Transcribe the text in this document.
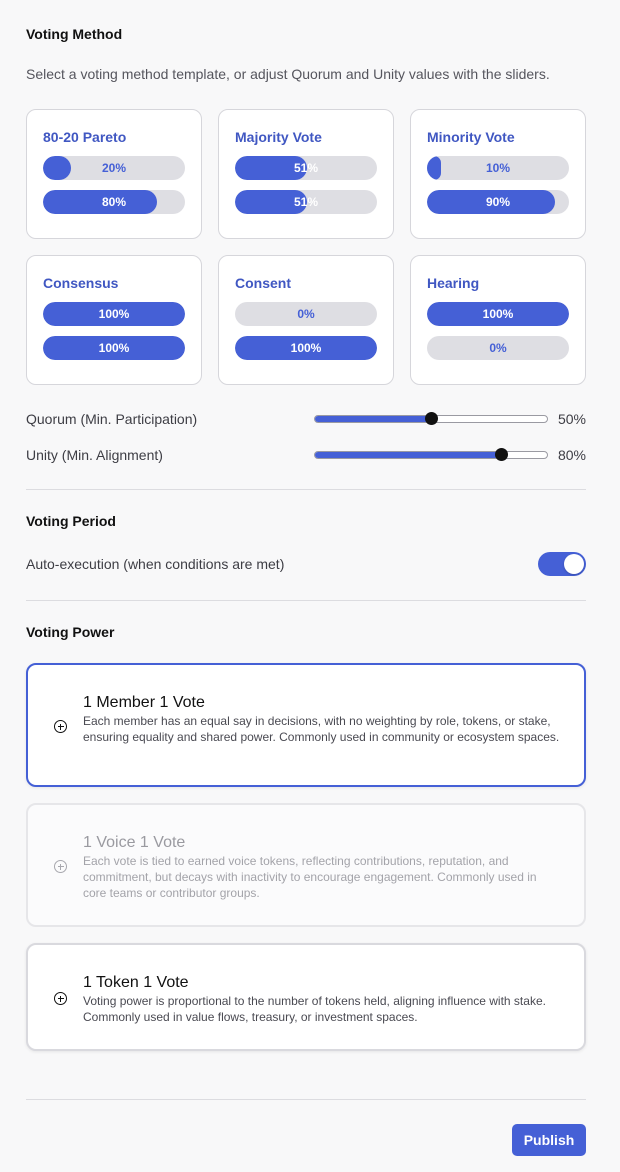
Voting Method
Select a voting method template, or adjust Quorum and Unity values with the sliders.
80-20 Pareto
20%
80%
Majority Vote
51%
51%
Minority Vote
10%
90%
Consensus
100%
100%
Consent
0%
100%
Hearing
100%
0%
Quorum (Min. Participation)	50%
Unity (Min. Alignment)	80%
Voting Period
Auto-execution (when conditions are met)
Voting Power
1 Member 1 Vote
Each member has an equal say in decisions, with no weighting by role, tokens, or stake, ensuring equality and shared power. Commonly used in community or ecosystem spaces.
1 Voice 1 Vote
Each vote is tied to earned voice tokens, reflecting contributions, reputation, and commitment, but decays with inactivity to encourage engagement. Commonly used in core teams or contributor groups.
1 Token 1 Vote
Voting power is proportional to the number of tokens held, aligning influence with stake. Commonly used in value flows, treasury, or investment spaces.
Publish
